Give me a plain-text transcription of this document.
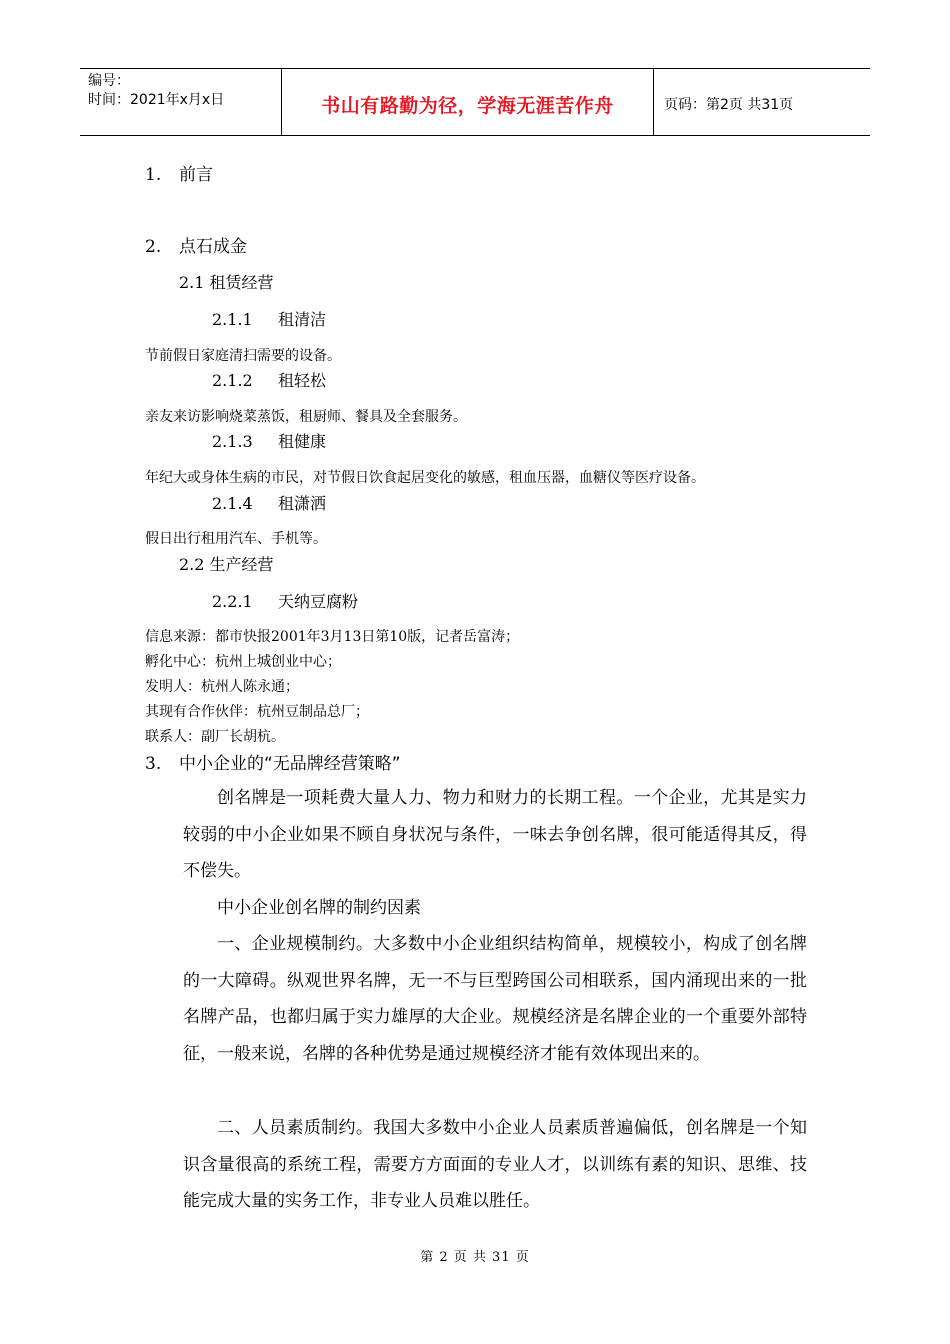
编号：
时间：2021年x月x日	书山有路勤为径，学海无涯苦作舟	页码：第2页 共31页
1. 前言
2. 点石成金
2.1 租赁经营
2.1.1 租清洁
节前假日家庭清扫需要的设备。
2.1.2 租轻松
亲友来访影响烧菜蒸饭，租厨师、餐具及全套服务。
2.1.3 租健康
年纪大或身体生病的市民，对节假日饮食起居变化的敏感，租血压器，血糖仪等医疗设备。
2.1.4 租潇洒
假日出行租用汽车、手机等。
2.2 生产经营
2.2.1 天纳豆腐粉
信息来源：都市快报2001年3月13日第10版，记者岳富涛；
孵化中心：杭州上城创业中心；
发明人：杭州人陈永通；
其现有合作伙伴：杭州豆制品总厂；
联系人：副厂长胡杭。
3. 中小企业的“无品牌经营策略”
创名牌是一项耗费大量人力、物力和财力的长期工程。一个企业，尤其是实力较弱的中小企业如果不顾自身状况与条件，一味去争创名牌，很可能适得其反，得不偿失。
中小企业创名牌的制约因素
一、企业规模制约。大多数中小企业组织结构简单，规模较小，构成了创名牌的一大障碍。纵观世界名牌，无一不与巨型跨国公司相联系，国内涌现出来的一批名牌产品，也都归属于实力雄厚的大企业。规模经济是名牌企业的一个重要外部特征，一般来说，名牌的各种优势是通过规模经济才能有效体现出来的。
二、人员素质制约。我国大多数中小企业人员素质普遍偏低，创名牌是一个知识含量很高的系统工程，需要方方面面的专业人才，以训练有素的知识、思维、技能完成大量的实务工作，非专业人员难以胜任。
第 2 页 共 31 页
